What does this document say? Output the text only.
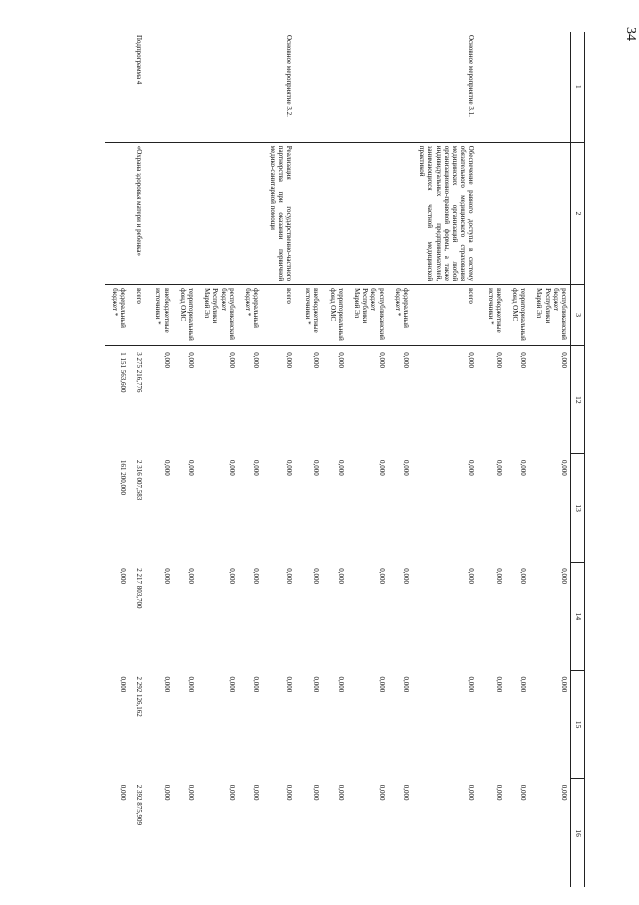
34
1	2	3	12	13	14	15	16
		республиканский бюджет Республики Марий Эл	0,000	0,000	0,000	0,000	0,000
		территориальный фонд ОМС	0,000	0,000	0,000	0,000	0,000
		внебюджетные источники *	0,000	0,000	0,000	0,000	0,000
Основное мероприятие 3.1.	Обеспечение равного доступа в систему обязательного медицинского страхования медицинских организаций любой организационно-правовой формы, а также индивидуальных предпринимателей, занимающихся частной медицинской практикой	всего	0,000	0,000	0,000	0,000	0,000
		федеральный бюджет *	0,000	0,000	0,000	0,000	0,000
		республиканский бюджет Республики Марий Эл	0,000	0,000	0,000	0,000	0,000
		территориальный фонд ОМС	0,000	0,000	0,000	0,000	0,000
		внебюджетные источники *	0,000	0,000	0,000	0,000	0,000
Основное мероприятие 3.2.	Реализация государственно-частного партнерства при оказании первичной медико-санитарной помощи	всего	0,000	0,000	0,000	0,000	0,000
		федеральный бюджет *	0,000	0,000	0,000	0,000	0,000
		республиканский бюджет Республики Марий Эл	0,000	0,000	0,000	0,000	0,000
		территориальный фонд ОМС	0,000	0,000	0,000	0,000	0,000
		внебюджетные источники *	0,000	0,000	0,000	0,000	0,000
Подпрограмма 4	«Охрана здоровья матери и ребенка»	всего	3 275 216,776	2 316 007,583	2 217 803,700	2 292 126,162	2 392 875,909
		федеральный бюджет *	1 151 563,600	161 200,000	0,000	0,000	0,000
